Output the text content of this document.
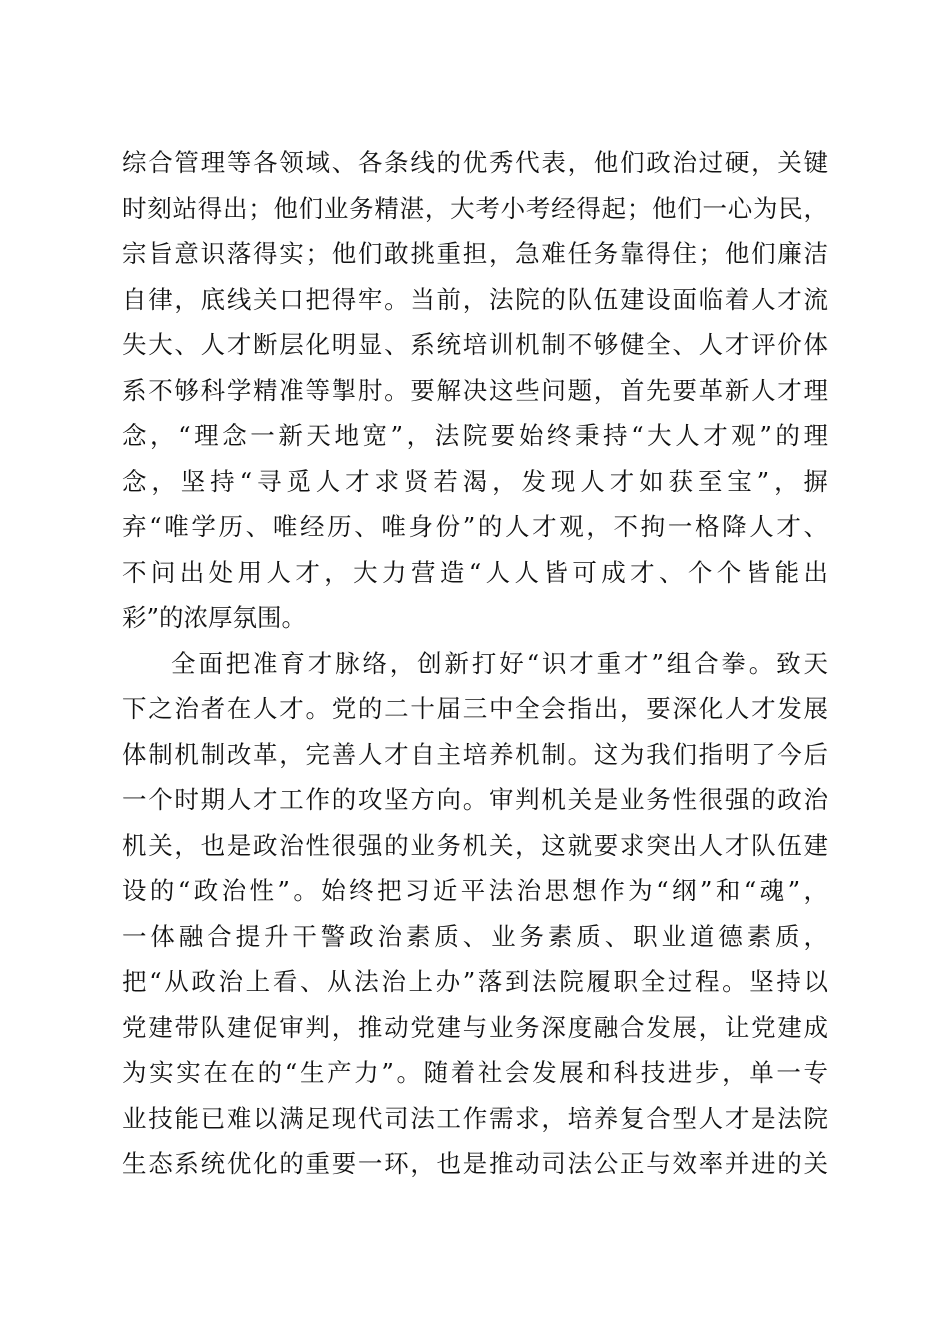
综合管理等各领域、各条线的优秀代表，他们政治过硬，关键
时刻站得出；他们业务精湛，大考小考经得起；他们一心为民，
宗旨意识落得实；他们敢挑重担，急难任务靠得住；他们廉洁
自律，底线关口把得牢。当前，法院的队伍建设面临着人才流
失大、人才断层化明显、系统培训机制不够健全、人才评价体
系不够科学精准等掣肘。要解决这些问题，首先要革新人才理
念，“理念一新天地宽”，法院要始终秉持“大人才观”的理
念，坚持“寻觅人才求贤若渴，发现人才如获至宝”，摒
弃“唯学历、唯经历、唯身份”的人才观，不拘一格降人才、
不问出处用人才，大力营造“人人皆可成才、个个皆能出
彩”的浓厚氛围。
全面把准育才脉络，创新打好“识才重才”组合拳。致天
下之治者在人才。党的二十届三中全会指出，要深化人才发展
体制机制改革，完善人才自主培养机制。这为我们指明了今后
一个时期人才工作的攻坚方向。审判机关是业务性很强的政治
机关，也是政治性很强的业务机关，这就要求突出人才队伍建
设的“政治性”。始终把习近平法治思想作为“纲”和“魂”，
一体融合提升干警政治素质、业务素质、职业道德素质，
把“从政治上看、从法治上办”落到法院履职全过程。坚持以
党建带队建促审判，推动党建与业务深度融合发展，让党建成
为实实在在的“生产力”。随着社会发展和科技进步，单一专
业技能已难以满足现代司法工作需求，培养复合型人才是法院
生态系统优化的重要一环，也是推动司法公正与效率并进的关
